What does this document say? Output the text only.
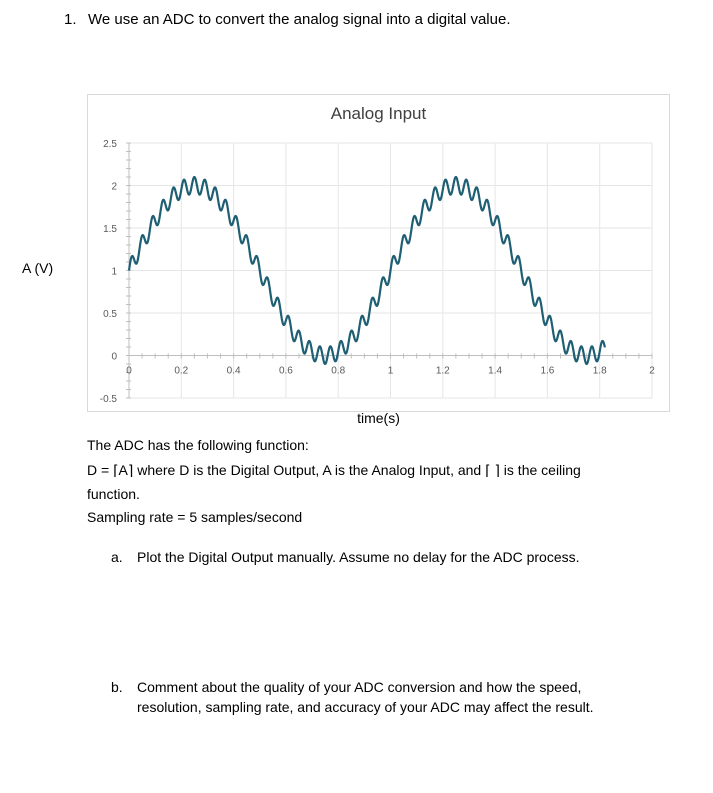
1. We use an ADC to convert the analog signal into a digital value.
A (V)
Analog Input
0	0.2	0.4	0.6	0.8	1	1.2	1.4	1.6	1.8	2
2.5
2
1.5
1
0.5
0
-0.5
time(s)
The ADC has the following function:
D = ⌈A⌉ where D is the Digital Output, A is the Analog Input, and ⌈ ⌉ is the ceiling
function.
Sampling rate = 5 samples/second
a. Plot the Digital Output manually. Assume no delay for the ADC process.
b. Comment about the quality of your ADC conversion and how the speed,
resolution, sampling rate, and accuracy of your ADC may affect the result.
